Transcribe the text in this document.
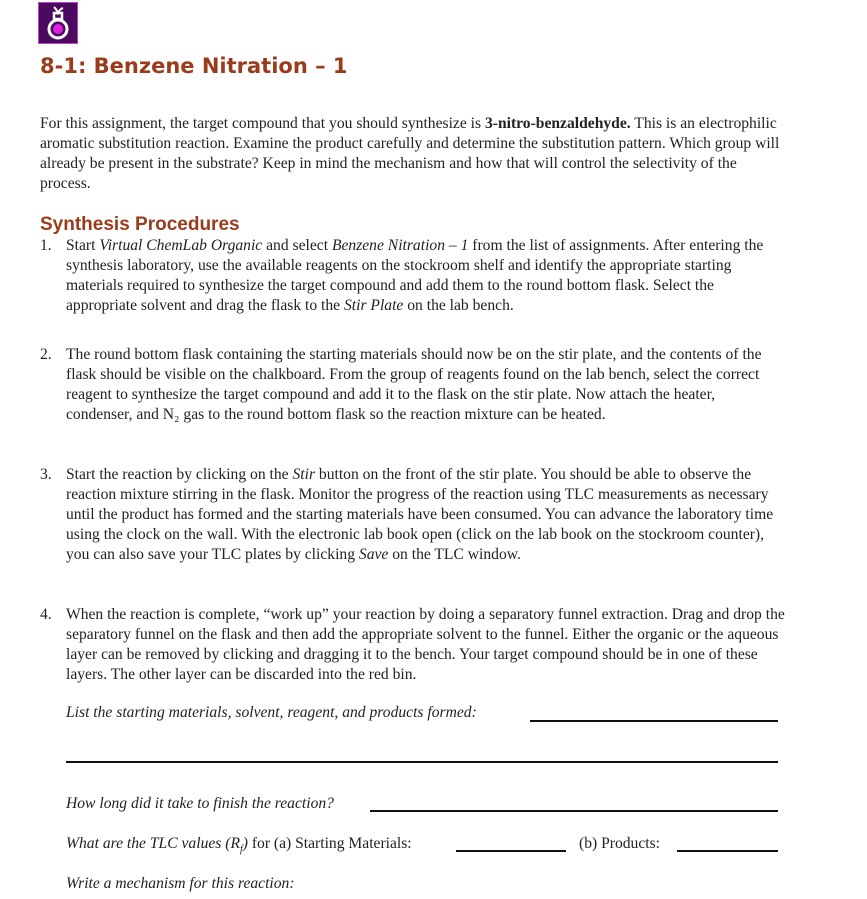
8-1: Benzene Nitration – 1
For this assignment, the target compound that you should synthesize is 3-nitro-benzaldehyde. This is an electrophilic aromatic substitution reaction. Examine the product carefully and determine the substitution pattern. Which group will already be present in the substrate? Keep in mind the mechanism and how that will control the selectivity of the process.
Synthesis Procedures
1. Start Virtual ChemLab Organic and select Benzene Nitration – 1 from the list of assignments. After entering the synthesis laboratory, use the available reagents on the stockroom shelf and identify the appropriate starting materials required to synthesize the target compound and add them to the round bottom flask. Select the appropriate solvent and drag the flask to the Stir Plate on the lab bench.
2. The round bottom flask containing the starting materials should now be on the stir plate, and the contents of the flask should be visible on the chalkboard. From the group of reagents found on the lab bench, select the correct reagent to synthesize the target compound and add it to the flask on the stir plate. Now attach the heater, condenser, and N₂ gas to the round bottom flask so the reaction mixture can be heated.
3. Start the reaction by clicking on the Stir button on the front of the stir plate. You should be able to observe the reaction mixture stirring in the flask. Monitor the progress of the reaction using TLC measurements as necessary until the product has formed and the starting materials have been consumed. You can advance the laboratory time using the clock on the wall. With the electronic lab book open (click on the lab book on the stockroom counter), you can also save your TLC plates by clicking Save on the TLC window.
4. When the reaction is complete, “work up” your reaction by doing a separatory funnel extraction. Drag and drop the separatory funnel on the flask and then add the appropriate solvent to the funnel. Either the organic or the aqueous layer can be removed by clicking and dragging it to the bench. Your target compound should be in one of these layers. The other layer can be discarded into the red bin.
List the starting materials, solvent, reagent, and products formed:
How long did it take to finish the reaction?
What are the TLC values $(R_f)$ for (a) Starting Materials:	(b) Products:
Write a mechanism for this reaction:
